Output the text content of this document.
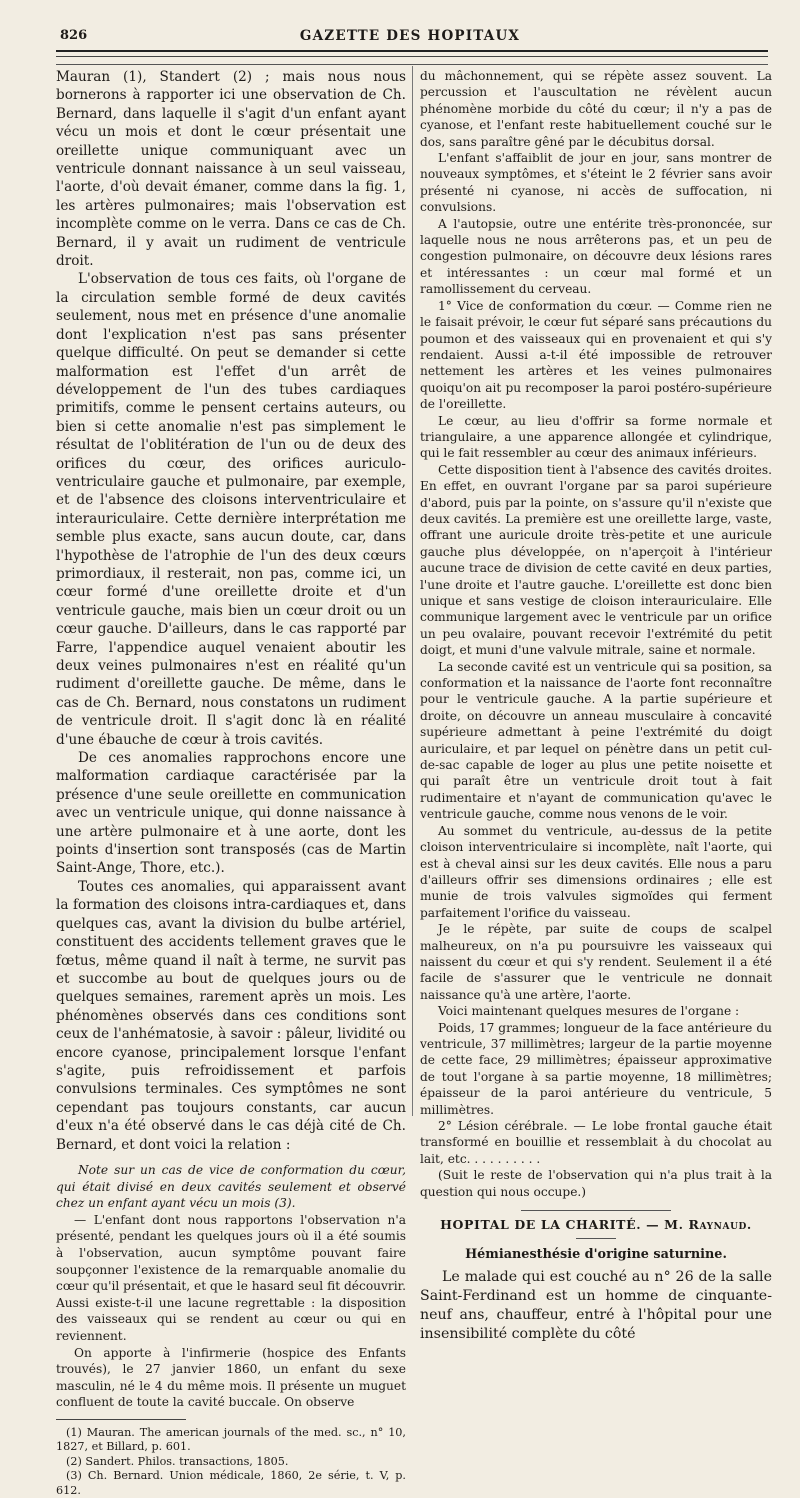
826	GAZETTE DES HOPITAUX

Mauran (1), Standert (2) ; mais nous nous bornerons à rapporter ici une observation de Ch. Bernard, dans laquelle il s'agit d'un enfant ayant vécu un mois et dont le cœur présentait une oreillette unique communiquant avec un ventricule donnant naissance à un seul vaisseau, l'aorte, d'où devait émaner, comme dans la fig. 1, les artères pulmonaires; mais l'observation est incomplète comme on le verra. Dans ce cas de Ch. Bernard, il y avait un rudiment de ventricule droit.

L'observation de tous ces faits, où l'organe de la circulation semble formé de deux cavités seulement, nous met en présence d'une anomalie dont l'explication n'est pas sans présenter quelque difficulté. On peut se demander si cette malformation est l'effet d'un arrêt de développement de l'un des tubes cardiaques primitifs, comme le pensent certains auteurs, ou bien si cette anomalie n'est pas simplement le résultat de l'oblitération de l'un ou de deux des orifices du cœur, des orifices auriculo-ventriculaire gauche et pulmonaire, par exemple, et de l'absence des cloisons interventriculaire et interauriculaire. Cette dernière interprétation me semble plus exacte, sans aucun doute, car, dans l'hypothèse de l'atrophie de l'un des deux cœurs primordiaux, il resterait, non pas, comme ici, un cœur formé d'une oreillette droite et d'un ventricule gauche, mais bien un cœur droit ou un cœur gauche. D'ailleurs, dans le cas rapporté par Farre, l'appendice auquel venaient aboutir les deux veines pulmonaires n'est en réalité qu'un rudiment d'oreillette gauche. De même, dans le cas de Ch. Bernard, nous constatons un rudiment de ventricule droit. Il s'agit donc là en réalité d'une ébauche de cœur à trois cavités.

De ces anomalies rapprochons encore une malformation cardiaque caractérisée par la présence d'une seule oreillette en communication avec un ventricule unique, qui donne naissance à une artère pulmonaire et à une aorte, dont les points d'insertion sont transposés (cas de Martin Saint-Ange, Thore, etc.).

Toutes ces anomalies, qui apparaissent avant la formation des cloisons intra-cardiaques et, dans quelques cas, avant la division du bulbe artériel, constituent des accidents tellement graves que le fœtus, même quand il naît à terme, ne survit pas et succombe au bout de quelques jours ou de quelques semaines, rarement après un mois. Les phénomènes observés dans ces conditions sont ceux de l'anhématosie, à savoir : pâleur, lividité ou encore cyanose, principalement lorsque l'enfant s'agite, puis refroidissement et parfois convulsions terminales. Ces symptômes ne sont cependant pas toujours constants, car aucun d'eux n'a été observé dans le cas déjà cité de Ch. Bernard, et dont voici la relation :

Note sur un cas de vice de conformation du cœur, qui était divisé en deux cavités seulement et observé chez un enfant ayant vécu un mois (3).

— L'enfant dont nous rapportons l'observation n'a présenté, pendant les quelques jours où il a été soumis à l'observation, aucun symptôme pouvant faire soupçonner l'existence de la remarquable anomalie du cœur qu'il présentait, et que le hasard seul fit découvrir. Aussi existe-t-il une lacune regrettable : la disposition des vaisseaux qui se rendent au cœur ou qui en reviennent.

On apporte à l'infirmerie (hospice des Enfants trouvés), le 27 janvier 1860, un enfant du sexe masculin, né le 4 du même mois. Il présente un muguet confluent de toute la cavité buccale. On observe

(1) Mauran. The american journals of the med. sc., n° 10, 1827, et Billard, p. 601.

(2) Sandert. Philos. transactions, 1805.

(3) Ch. Bernard. Union médicale, 1860, 2e série, t. V, p. 612.

du mâchonnement, qui se répète assez souvent. La percussion et l'auscultation ne révèlent aucun phénomène morbide du côté du cœur; il n'y a pas de cyanose, et l'enfant reste habituellement couché sur le dos, sans paraître gêné par le décubitus dorsal.

L'enfant s'affaiblit de jour en jour, sans montrer de nouveaux symptômes, et s'éteint le 2 février sans avoir présenté ni cyanose, ni accès de suffocation, ni convulsions.

A l'autopsie, outre une entérite très-prononcée, sur laquelle nous ne nous arrêterons pas, et un peu de congestion pulmonaire, on découvre deux lésions rares et intéressantes : un cœur mal formé et un ramollissement du cerveau.

1° Vice de conformation du cœur. — Comme rien ne le faisait prévoir, le cœur fut séparé sans précautions du poumon et des vaisseaux qui en provenaient et qui s'y rendaient. Aussi a-t-il été impossible de retrouver nettement les artères et les veines pulmonaires quoiqu'on ait pu recomposer la paroi postéro-supérieure de l'oreillette.

Le cœur, au lieu d'offrir sa forme normale et triangulaire, a une apparence allongée et cylindrique, qui le fait ressembler au cœur des animaux inférieurs.

Cette disposition tient à l'absence des cavités droites. En effet, en ouvrant l'organe par sa paroi supérieure d'abord, puis par la pointe, on s'assure qu'il n'existe que deux cavités. La première est une oreillette large, vaste, offrant une auricule droite très-petite et une auricule gauche plus développée, on n'aperçoit à l'intérieur aucune trace de division de cette cavité en deux parties, l'une droite et l'autre gauche. L'oreillette est donc bien unique et sans vestige de cloison interauriculaire. Elle communique largement avec le ventricule par un orifice un peu ovalaire, pouvant recevoir l'extrémité du petit doigt, et muni d'une valvule mitrale, saine et normale.

La seconde cavité est un ventricule qui sa position, sa conformation et la naissance de l'aorte font reconnaître pour le ventricule gauche. A la partie supérieure et droite, on découvre un anneau musculaire à concavité supérieure admettant à peine l'extrémité du doigt auriculaire, et par lequel on pénètre dans un petit cul-de-sac capable de loger au plus une petite noisette et qui paraît être un ventricule droit tout à fait rudimentaire et n'ayant de communication qu'avec le ventricule gauche, comme nous venons de le voir.

Au sommet du ventricule, au-dessus de la petite cloison interventriculaire si incomplète, naît l'aorte, qui est à cheval ainsi sur les deux cavités. Elle nous a paru d'ailleurs offrir ses dimensions ordinaires ; elle est munie de trois valvules sigmoïdes qui ferment parfaitement l'orifice du vaisseau.

Je le répète, par suite de coups de scalpel malheureux, on n'a pu poursuivre les vaisseaux qui naissent du cœur et qui s'y rendent. Seulement il a été facile de s'assurer que le ventricule ne donnait naissance qu'à une artère, l'aorte.

Voici maintenant quelques mesures de l'organe :

Poids, 17 grammes; longueur de la face antérieure du ventricule, 37 millimètres; largeur de la partie moyenne de cette face, 29 millimètres; épaisseur approximative de tout l'organe à sa partie moyenne, 18 millimètres; épaisseur de la paroi antérieure du ventricule, 5 millimètres.

2° Lésion cérébrale. — Le lobe frontal gauche était transformé en bouillie et ressemblait à du chocolat au lait, etc. . . . . . . . . .

(Suit le reste de l'observation qui n'a plus trait à la question qui nous occupe.)

HOPITAL DE LA CHARITÉ. — M. Raynaud.
Hémianesthésie d'origine saturnine.

Le malade qui est couché au n° 26 de la salle Saint-Ferdinand est un homme de cinquante-neuf ans, chauffeur, entré à l'hôpital pour une insensibilité complète du côté
